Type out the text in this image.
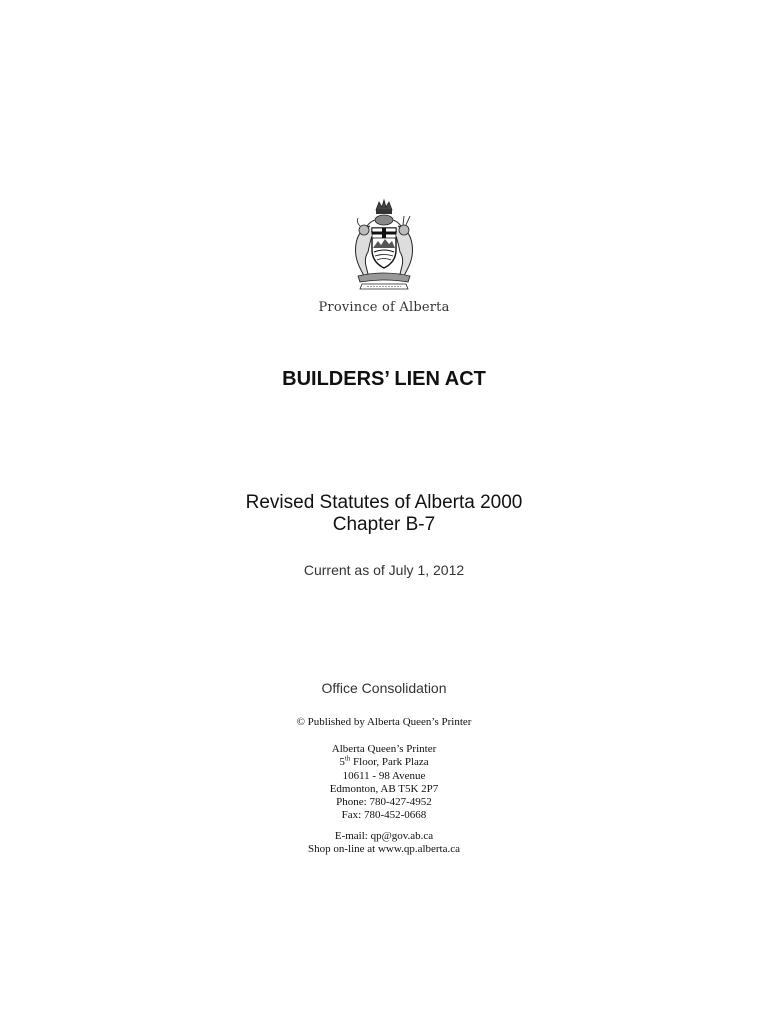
Province of Alberta
BUILDERS’ LIEN ACT
Revised Statutes of Alberta 2000
Chapter B-7
Current as of July 1, 2012
Office Consolidation
© Published by Alberta Queen’s Printer
Alberta Queen’s Printer
5th Floor, Park Plaza
10611 - 98 Avenue
Edmonton, AB T5K 2P7
Phone: 780-427-4952
Fax: 780-452-0668
E-mail: qp@gov.ab.ca
Shop on-line at www.qp.alberta.ca
